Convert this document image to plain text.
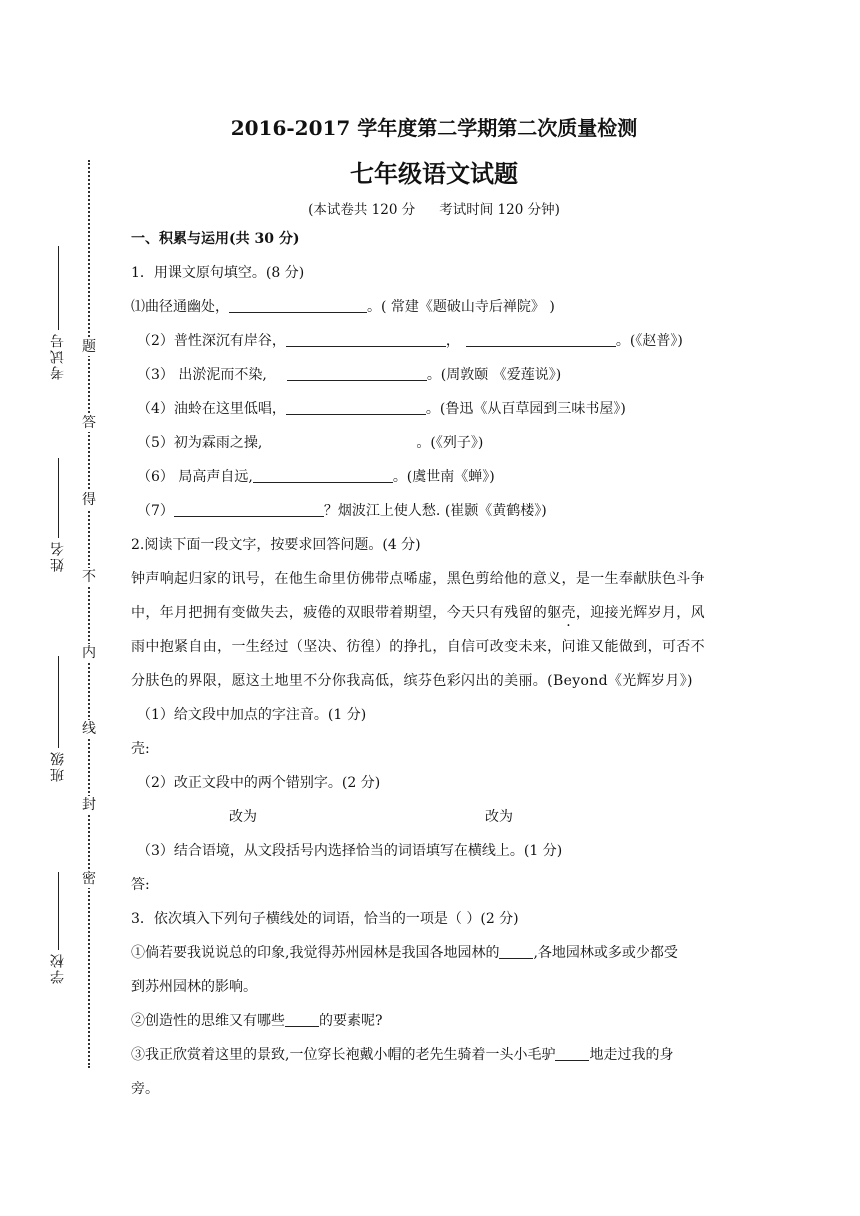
题
答
得
不
内
线
封
密
考试号
姓名
班级
学校
2016-2017 学年度第二学期第二次质量检测
七年级语文试题
(本试卷共 120 分 考试时间 120 分钟)
一、积累与运用(共 30 分)
1．用课文原句填空。(8 分)
⑴曲径通幽处，	。( 常建《题破山寺后禅院》 )
（2）普性深沉有岸谷，	，	。(《赵普》)
（3） 出淤泥而不染,	。(周敦颐 《爱莲说》)
（4）油蛉在这里低唱，	。(鲁迅《从百草园到三味书屋》)
（5）初为霖雨之操,	。(《列子》)
（6） 局高声自远,	。(虞世南《蝉》)
（7）	？烟波江上使人愁. (崔颢《黄鹤楼》)
2.阅读下面一段文字，按要求回答问题。(4 分)
钟声响起归家的讯号，在他生命里仿佛带点唏虚，黑色剪给他的意义，是一生奉献肤色斗争
中，年月把拥有变做失去，疲倦的双眼带着期望，今天只有残留的躯壳，迎接光辉岁月，风
雨中抱紧自由，一生经过（坚决、彷徨）的挣扎，自信可改变未来，问谁又能做到，可否不
分肤色的界限，愿这土地里不分你我高低，缤芬色彩闪出的美丽。(Beyond《光辉岁月》)
（1）给文段中加点的字注音。(1 分)
壳:
（2）改正文段中的两个错别字。(2 分)
改为	改为
（3）结合语境，从文段括号内选择恰当的词语填写在横线上。(1 分)
答:
3．依次填入下列句子横线处的词语，恰当的一项是（ ）(2 分)
①倘若要我说说总的印象,我觉得苏州园林是我国各地园林的 ,各地园林或多或少都受
到苏州园林的影响。
②创造性的思维又有哪些 的要素呢?
③我正欣赏着这里的景致,一位穿长袍戴小帽的老先生骑着一头小毛驴 地走过我的身
旁。
